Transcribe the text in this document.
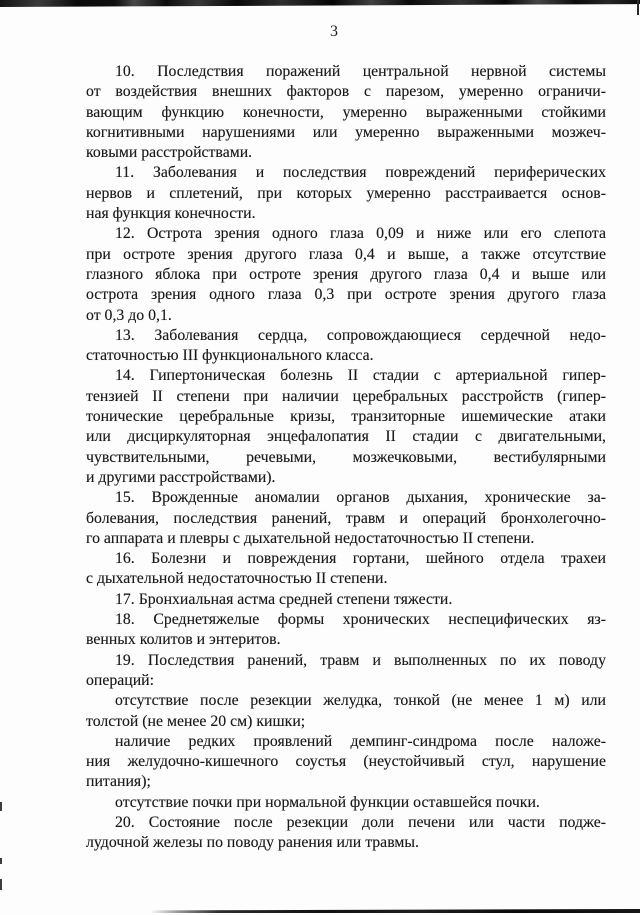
3
10. Последствия поражений центральной нервной системы
от воздействия внешних факторов с парезом, умеренно ограничи-
вающим функцию конечности, умеренно выраженными стойкими
когнитивными нарушениями или умеренно выраженными мозжеч-
ковыми расстройствами.
11. Заболевания и последствия повреждений периферических
нервов и сплетений, при которых умеренно расстраивается основ-
ная функция конечности.
12. Острота зрения одного глаза 0,09 и ниже или его слепота
при остроте зрения другого глаза 0,4 и выше, а также отсутствие
глазного яблока при остроте зрения другого глаза 0,4 и выше или
острота зрения одного глаза 0,3 при остроте зрения другого глаза
от 0,3 до 0,1.
13. Заболевания сердца, сопровождающиеся сердечной недо-
статочностью III функционального класса.
14. Гипертоническая болезнь II стадии с артериальной гипер-
тензией II степени при наличии церебральных расстройств (гипер-
тонические церебральные кризы, транзиторные ишемические атаки
или дисциркуляторная энцефалопатия II стадии с двигательными,
чувствительными, речевыми, мозжечковыми, вестибулярными
и другими расстройствами).
15. Врожденные аномалии органов дыхания, хронические за-
болевания, последствия ранений, травм и операций бронхолегочно-
го аппарата и плевры с дыхательной недостаточностью II степени.
16. Болезни и повреждения гортани, шейного отдела трахеи
с дыхательной недостаточностью II степени.
17. Бронхиальная астма средней степени тяжести.
18. Среднетяжелые формы хронических неспецифических яз-
венных колитов и энтеритов.
19. Последствия ранений, травм и выполненных по их поводу
операций:
отсутствие после резекции желудка, тонкой (не менее 1 м) или
толстой (не менее 20 см) кишки;
наличие редких проявлений демпинг-синдрома после наложе-
ния желудочно-кишечного соустья (неустойчивый стул, нарушение
питания);
отсутствие почки при нормальной функции оставшейся почки.
20. Состояние после резекции доли печени или части подже-
лудочной железы по поводу ранения или травмы.
